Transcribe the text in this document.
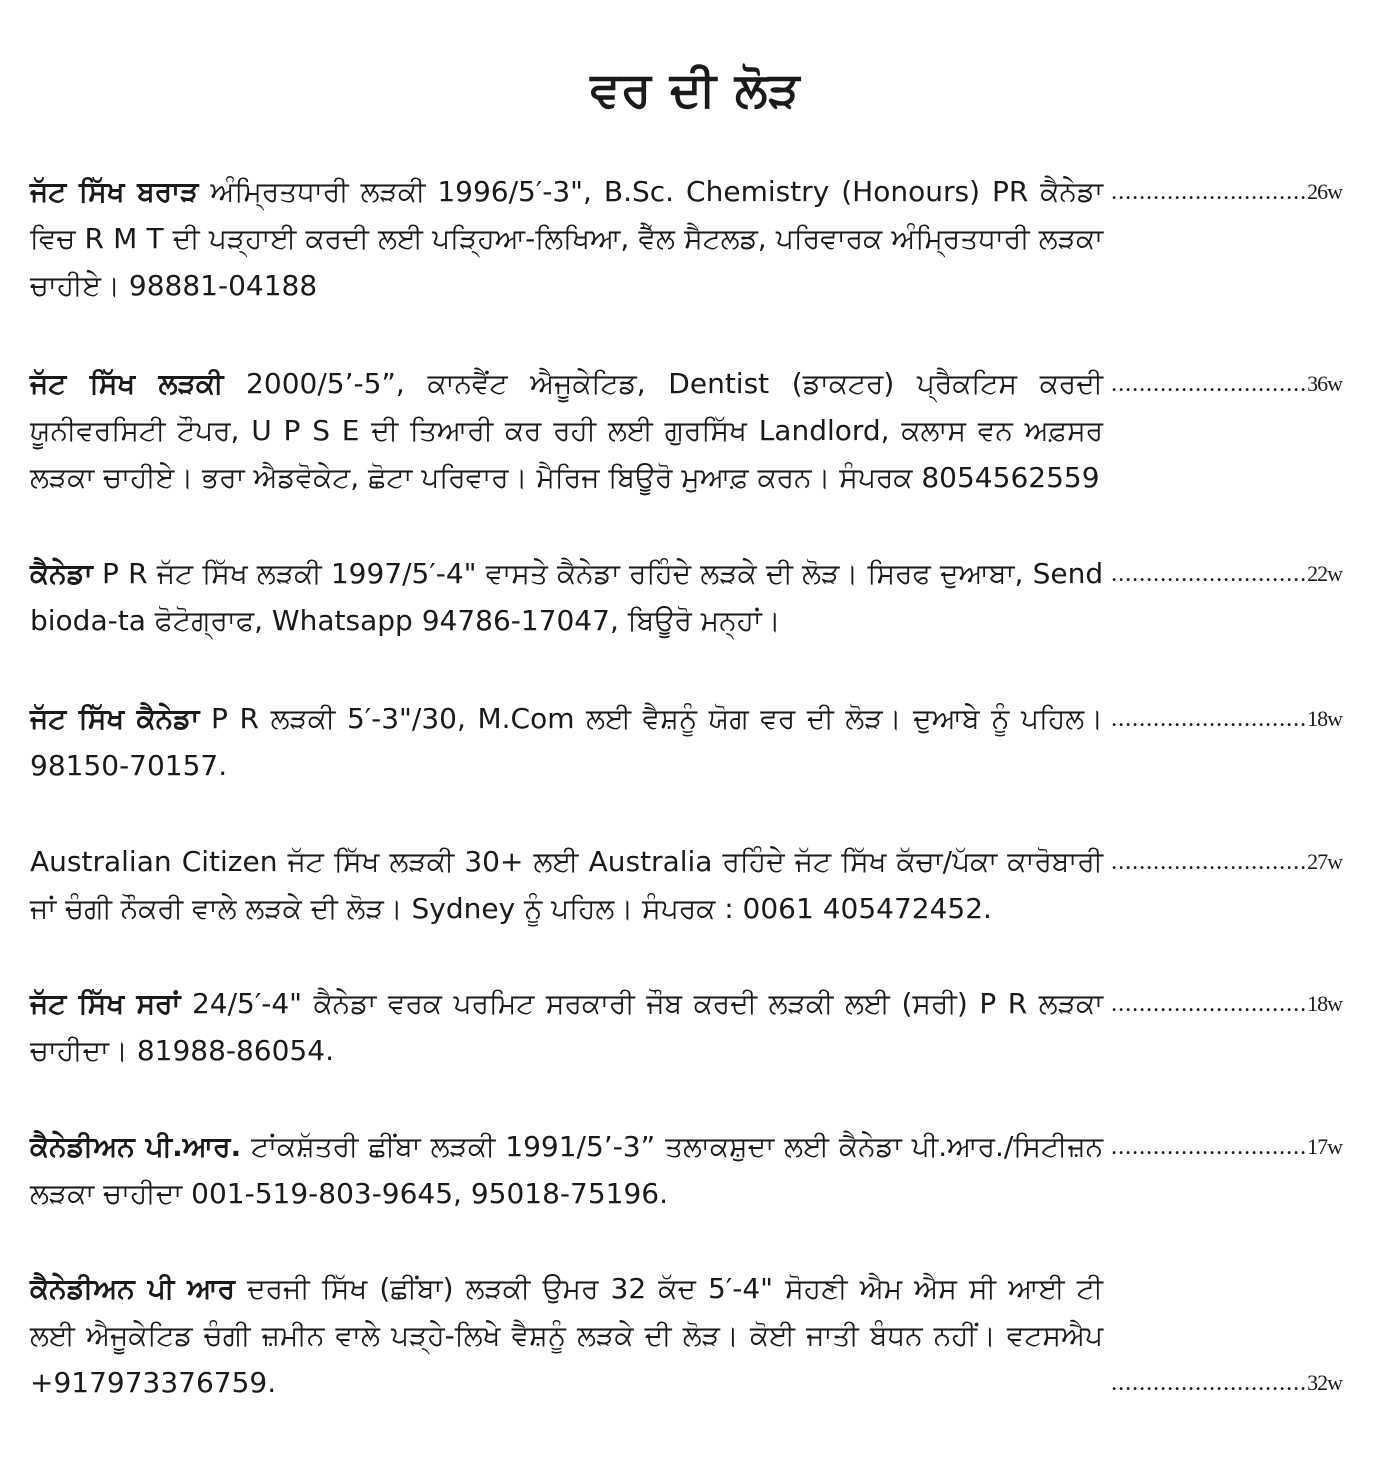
ਵਰ ਦੀ ਲੋੜ
............................26w
ਜੱਟ ਸਿੱਖ ਬਰਾੜ ਅੰਮ੍ਰਿਤਧਾਰੀ ਲੜਕੀ 1996/5′-3", B.Sc. Chemistry (Honours) PR ਕੈਨੇਡਾ ਵਿਚ R M T ਦੀ ਪੜ੍ਹਾਈ ਕਰਦੀ ਲਈ ਪੜ੍ਹਿਆ-ਲਿਖਿਆ, ਵੈੱਲ ਸੈਟਲਡ, ਪਰਿਵਾਰਕ ਅੰਮ੍ਰਿਤਧਾਰੀ ਲੜਕਾ ਚਾਹੀਏ। 98881-04188
............................36w
ਜੱਟ ਸਿੱਖ ਲੜਕੀ 2000/5’-5”, ਕਾਨਵੈਂਟ ਐਜੂਕੇਟਿਡ, Dentist (ਡਾਕਟਰ) ਪ੍ਰੈਕਟਿਸ ਕਰਦੀ ਯੂਨੀਵਰਸਿਟੀ ਟੌਪਰ, U P S E ਦੀ ਤਿਆਰੀ ਕਰ ਰਹੀ ਲਈ ਗੁਰਸਿੱਖ Landlord, ਕਲਾਸ ਵਨ ਅਫ਼ਸਰ ਲੜਕਾ ਚਾਹੀਏ। ਭਰਾ ਐਡਵੋਕੇਟ, ਛੋਟਾ ਪਰਿਵਾਰ। ਮੈਰਿਜ ਬਿਊਰੋ ਮੁਆਫ਼ ਕਰਨ। ਸੰਪਰਕ 8054562559
............................22w
ਕੈਨੇਡਾ P R ਜੱਟ ਸਿੱਖ ਲੜਕੀ 1997/5′-4" ਵਾਸਤੇ ਕੈਨੇਡਾ ਰਹਿੰਦੇ ਲੜਕੇ ਦੀ ਲੋੜ। ਸਿਰਫ ਦੁਆਬਾ, Send bioda-ta ਫੋਟੋਗ੍ਰਾਫ, Whatsapp 94786-17047, ਬਿਊਰੋ ਮਨ੍ਹਾਂ।
............................18w
ਜੱਟ ਸਿੱਖ ਕੈਨੇਡਾ P R ਲੜਕੀ 5′-3"/30, M.Com ਲਈ ਵੈਸ਼ਨੂੰ ਯੋਗ ਵਰ ਦੀ ਲੋੜ। ਦੁਆਬੇ ਨੂੰ ਪਹਿਲ। 98150-70157.
............................27w
Australian Citizen ਜੱਟ ਸਿੱਖ ਲੜਕੀ 30+ ਲਈ Australia ਰਹਿੰਦੇ ਜੱਟ ਸਿੱਖ ਕੱਚਾ/ਪੱਕਾ ਕਾਰੋਬਾਰੀ ਜਾਂ ਚੰਗੀ ਨੌਕਰੀ ਵਾਲੇ ਲੜਕੇ ਦੀ ਲੋੜ। Sydney ਨੂੰ ਪਹਿਲ। ਸੰਪਰਕ : 0061 405472452.
............................18w
ਜੱਟ ਸਿੱਖ ਸਰਾਂ 24/5′-4" ਕੈਨੇਡਾ ਵਰਕ ਪਰਮਿਟ ਸਰਕਾਰੀ ਜੌਬ ਕਰਦੀ ਲੜਕੀ ਲਈ (ਸਰੀ) P R ਲੜਕਾ ਚਾਹੀਦਾ। 81988-86054.
............................17w
ਕੈਨੇਡੀਅਨ ਪੀ.ਆਰ. ਟਾਂਕਸ਼ੱਤਰੀ ਛੀਂਬਾ ਲੜਕੀ 1991/5’-3” ਤਲਾਕਸ਼ੁਦਾ ਲਈ ਕੈਨੇਡਾ ਪੀ.ਆਰ./ਸਿਟੀਜ਼ਨ ਲੜਕਾ ਚਾਹੀਦਾ 001-519-803-9645, 95018-75196.
............................32w
ਕੈਨੇਡੀਅਨ ਪੀ ਆਰ ਦਰਜੀ ਸਿੱਖ (ਛੀਂਬਾ) ਲੜਕੀ ਉਮਰ 32 ਕੱਦ 5′-4" ਸੋਹਣੀ ਐਮ ਐਸ ਸੀ ਆਈ ਟੀ ਲਈ ਐਜੂਕੇਟਿਡ ਚੰਗੀ ਜ਼ਮੀਨ ਵਾਲੇ ਪੜ੍ਹੇ-ਲਿਖੇ ਵੈਸ਼ਨੂੰ ਲੜਕੇ ਦੀ ਲੋੜ। ਕੋਈ ਜਾਤੀ ਬੰਧਨ ਨਹੀਂ। ਵਟਸਐਪ +917973376759.
